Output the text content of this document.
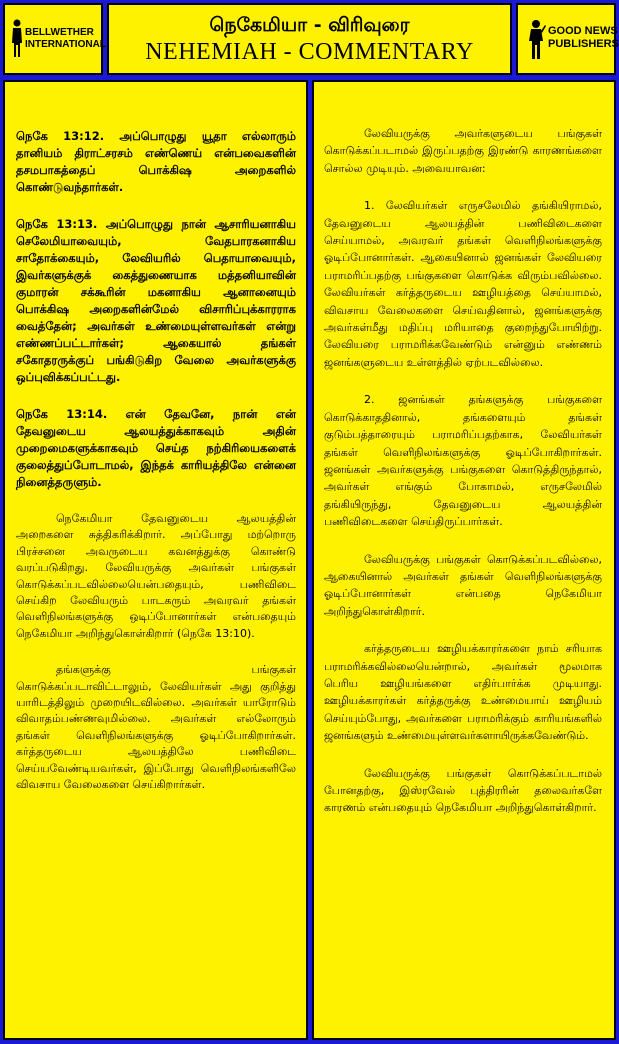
BELLWETHER
INTERNATIONAL
நெகேமியா - விரிவுரை
NEHEMIAH - COMMENTARY
GOOD NEWS
PUBLISHERS

நெகே 13:12. அப்பொழுது யூதா எல்லாரும் தானியம் திராட்சரசம் எண்ணெய் என்பவைகளின் தசமபாகத்தைப் பொக்கிஷ அறைகளில் கொண்டுவந்தார்கள்.

நெகே 13:13. அப்பொழுது நான் ஆசாரியனாகிய செலேமியாவையும், வேதபாரகனாகிய சாதோக்கையும், லேவியரில் பெதாயாவையும், இவர்களுக்குக் கைத்துணையாக மத்தனியாவின் குமாரன் சக்கூரின் மகனாகிய ஆனானையும் பொக்கிஷ அறைகளின்மேல் விசாரிப்புக்காரராக வைத்தேன்; அவர்கள் உண்மையுள்ளவர்கள் என்று எண்ணப்பட்டார்கள்; ஆகையால் தங்கள் சகோதரருக்குப் பங்கிடுகிற வேலை அவர்களுக்கு ஒப்புவிக்கப்பட்டது.

நெகே 13:14. என் தேவனே, நான் என் தேவனுடைய ஆலயத்துக்காகவும் அதின் முறைமைகளுக்காகவும் செய்த நற்கிரியைகளைக் குலைத்துப்போடாமல், இந்தக் காரியத்திலே என்னை நினைத்தருளும்.

நெகேமியா தேவனுடைய ஆலயத்தின் அறைகளை சுத்திகரிக்கிறார். அப்போது மற்றொரு பிரச்சனை அவருடைய கவனத்துக்கு கொண்டு வரப்படுகிறது. லேவியருக்கு அவர்கள் பங்குகள் கொடுக்கப்படவில்லையென்பதையும், பணிவிடை செய்கிற லேவியரும் பாடகரும் அவரவர் தங்கள் வெளிநிலங்களுக்கு ஒடிப்போனார்கள் என்பதையும் நெகேமியா அறிந்துகொள்கிறார் (நெகே 13:10).

தங்களுக்கு பங்குகள் கொடுக்கப்படாவிட்டாலும், லேவியர்கள் அது குறித்து யாரிடத்திலும் முறையிடவில்லை. அவர்கள் யாரோடும் விவாதம்பண்ணவுமில்லை. அவர்கள் எல்லோரும் தங்கள் வெளிநிலங்களுக்கு ஓடிப்போகிறார்கள். கர்த்தருடைய ஆலயத்திலே பணிவிடை செய்யவேண்டியவர்கள், இப்போது வெளிநிலங்களிலே விவசாய வேலைகளை செய்கிறார்கள்.

லேவியருக்கு அவர்களுடைய பங்குகள் கொடுக்கப்படாமல் இருப்பதற்கு இரண்டு காரணங்களை சொல்ல முடியும். அவையாவன:

1. லேவியர்கள் எருசலேமில் தங்கியிராமல், தேவனுடைய ஆலயத்தின் பணிவிடைகளை செய்யாமல், அவரவர் தங்கள் வெளிநிலங்களுக்கு ஓடிப்போனார்கள். ஆகையினால் ஜனங்கள் லேவியரை பராமரிப்பதற்கு பங்குகளை கொடுக்க விரும்பவில்லை. லேவியர்கள் கர்த்தருடைய ஊழியத்தை செய்யாமல், விவசாய வேலைகளை செய்வதினால், ஜனங்களுக்கு அவர்கள்மீது மதிப்பு மரியாதை குறைந்துபோயிற்று. லேவியரை பராமரிக்கவேண்டும் என்னும் எண்ணம் ஜனங்களுடைய உள்ளத்தில் ஏற்படவில்லை.

2. ஜனங்கள் தங்களுக்கு பங்குகளை கொடுக்காததினால், தங்களையும் தங்கள் குடும்பத்தாரையும் பராமரிப்பதற்காக, லேவியர்கள் தங்கள் வெளிநிலங்களுக்கு ஓடிப்போகிறார்கள். ஜனங்கள் அவர்களுக்கு பங்குகளை கொடுத்திருந்தால், அவர்கள் எங்கும் போகாமல், எருசலேமில் தங்கியிருந்து, தேவனுடைய ஆலயத்தின் பணிவிடைகளை செய்திருப்பார்கள்.

லேவியருக்கு பங்குகள் கொடுக்கப்படவில்லை, ஆகையினால் அவர்கள் தங்கள் வெளிநிலங்களுக்கு ஓடிப்போனார்கள் என்பதை நெகேமியா அறிந்துகொள்கிறார்.

கர்த்தருடைய ஊழியக்காரர்களை நாம் சரியாக பராமரிக்கவில்லையென்றால், அவர்கள் மூலமாக பெரிய ஊழியங்களை எதிர்பார்க்க முடியாது. ஊழியக்காரர்கள் கர்த்தருக்கு உண்மையாய் ஊழியம் செய்யும்போது, அவர்களை பராமரிக்கும் காரியங்களில் ஜனங்களும் உண்மையுள்ளவர்களாயிருக்கவேண்டும்.

லேவியருக்கு பங்குகள் கொடுக்கப்படாமல் போனதற்கு, இஸ்ரவேல் புத்திரரின் தலைவர்களே காரணம் என்பதையும் நெகேமியா அறிந்துகொள்கிறார்.
